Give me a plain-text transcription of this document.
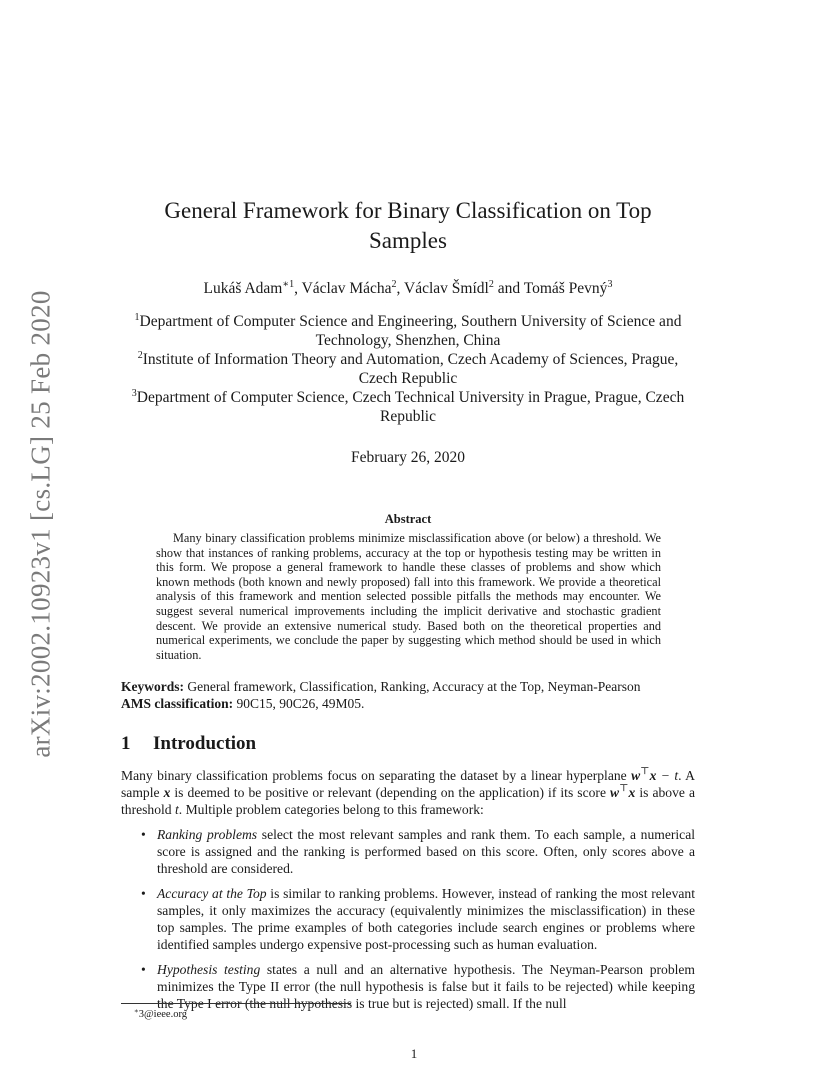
arXiv:2002.10923v1 [cs.LG] 25 Feb 2020
General Framework for Binary Classification on Top Samples
Lukáš Adam$^{∗1}$, Václav Mácha$^2$, Václav Šmídl$^2$ and Tomáš Pevný$^3$
$^1$Department of Computer Science and Engineering, Southern University of Science and Technology, Shenzhen, China
$^2$Institute of Information Theory and Automation, Czech Academy of Sciences, Prague, Czech Republic
$^3$Department of Computer Science, Czech Technical University in Prague, Prague, Czech Republic
February 26, 2020
Abstract
Many binary classification problems minimize misclassification above (or below) a threshold. We show that instances of ranking problems, accuracy at the top or hypothesis testing may be written in this form. We propose a general framework to handle these classes of problems and show which known methods (both known and newly proposed) fall into this framework. We provide a theoretical analysis of this framework and mention selected possible pitfalls the methods may encounter. We suggest several numerical improvements including the implicit derivative and stochastic gradient descent. We provide an extensive numerical study. Based both on the theoretical properties and numerical experiments, we conclude the paper by suggesting which method should be used in which situation.
Keywords: General framework, Classification, Ranking, Accuracy at the Top, Neyman-Pearson
AMS classification: 90C15, 90C26, 49M05.
1 Introduction
Many binary classification problems focus on separating the dataset by a linear hyperplane w⊤x − t. A sample x is deemed to be positive or relevant (depending on the application) if its score w⊤x is above a threshold t. Multiple problem categories belong to this framework:
• Ranking problems select the most relevant samples and rank them. To each sample, a numerical score is assigned and the ranking is performed based on this score. Often, only scores above a threshold are considered.
• Accuracy at the Top is similar to ranking problems. However, instead of ranking the most relevant samples, it only maximizes the accuracy (equivalently minimizes the misclassification) in these top samples. The prime examples of both categories include search engines or problems where identified samples undergo expensive post-processing such as human evaluation.
• Hypothesis testing states a null and an alternative hypothesis. The Neyman-Pearson problem minimizes the Type II error (the null hypothesis is false but it fails to be rejected) while keeping the Type I error (the null hypothesis is true but is rejected) small. If the null
∗3@ieee.org
1
